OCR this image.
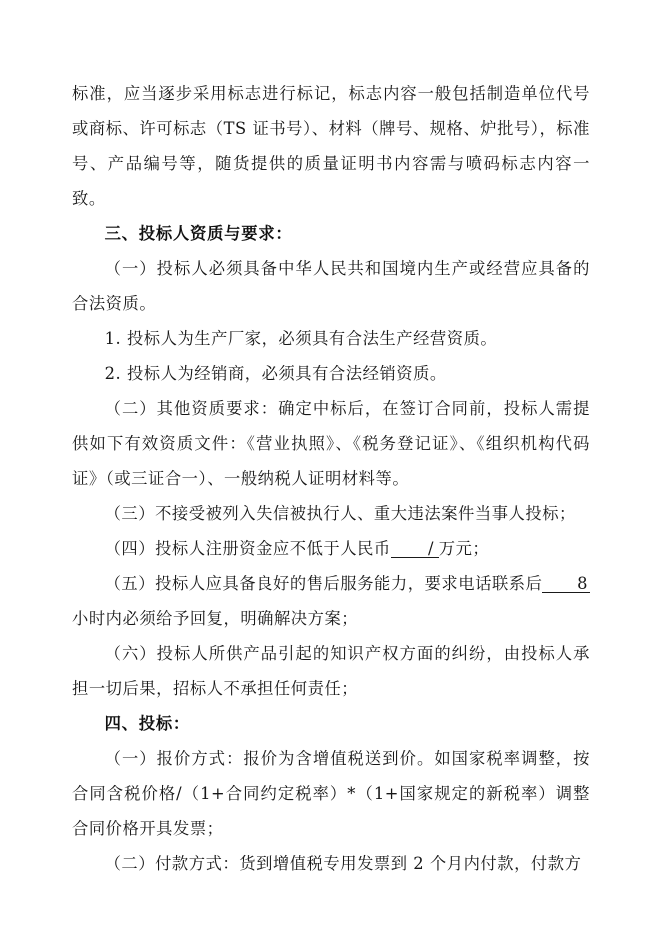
标准，应当逐步采用标志进行标记，标志内容一般包括制造单位代号或商标、许可标志（TS 证书号）、材料（牌号、规格、炉批号），标准号、产品编号等，随货提供的质量证明书内容需与喷码标志内容一致。

三、投标人资质与要求：

（一）投标人必须具备中华人民共和国境内生产或经营应具备的合法资质。

1. 投标人为生产厂家，必须具有合法生产经营资质。

2. 投标人为经销商，必须具有合法经销资质。

（二）其他资质要求：确定中标后，在签订合同前，投标人需提供如下有效资质文件：《营业执照》、《税务登记证》、《组织机构代码证》（或三证合一）、一般纳税人证明材料等。

（三）不接受被列入失信被执行人、重大违法案件当事人投标；

（四）投标人注册资金应不低于人民币 / 万元；

（五）投标人应具备良好的售后服务能力，要求电话联系后 8小时内必须给予回复，明确解决方案；

（六）投标人所供产品引起的知识产权方面的纠纷，由投标人承担一切后果，招标人不承担任何责任；

四、投标：

（一）报价方式：报价为含增值税送到价。如国家税率调整，按合同含税价格/（1+合同约定税率）*（1+国家规定的新税率）调整合同价格开具发票；

（二）付款方式：货到增值税专用发票到 2 个月内付款，付款方
